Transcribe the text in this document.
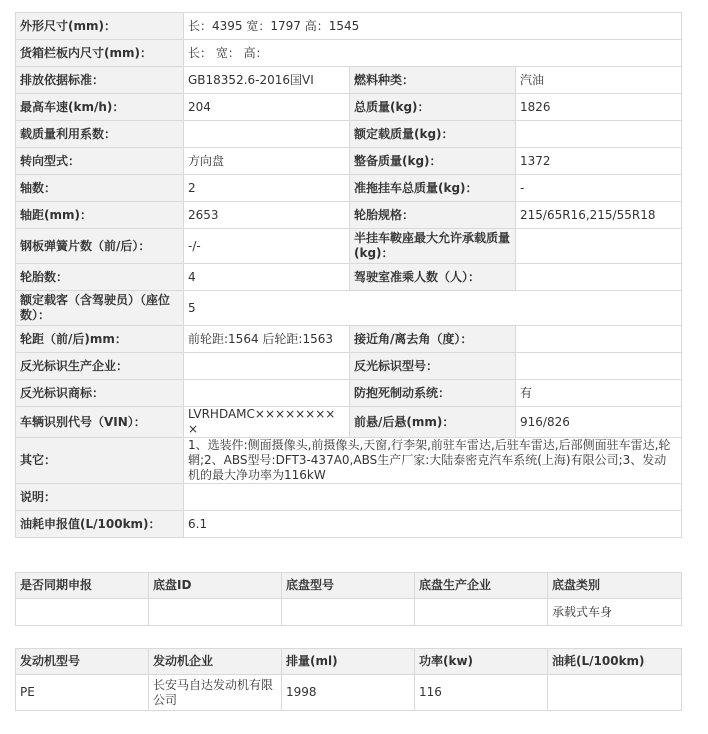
外形尺寸(mm)：	长：4395 宽：1797 高：1545		
货箱栏板内尺寸(mm)：	长： 宽： 高：		
排放依据标准：	GB18352.6-2016国VI	燃料种类：	汽油
最高车速(km/h)：	204	总质量(kg)：	1826
载质量利用系数：		额定载质量(kg)：	
转向型式：	方向盘	整备质量(kg)：	1372
轴数：	2	准拖挂车总质量(kg)：	-
轴距(mm)：	2653	轮胎规格：	215/65R16,215/55R18
钢板弹簧片数（前/后）：	-/-	半挂车鞍座最大允许承载质量(kg)：	
轮胎数：	4	驾驶室准乘人数（人）：	
额定载客（含驾驶员）（座位数）：	5		
轮距（前/后)mm：	前轮距:1564 后轮距:1563	接近角/离去角（度）：	
反光标识生产企业：		反光标识型号：	
反光标识商标：		防抱死制动系统：	有
车辆识别代号（VIN）：	LVRHDAMC×××××××××	前悬/后悬(mm)：	916/826
其它：	1、选装件:侧面摄像头,前摄像头,天窗,行李架,前驻车雷达,后驻车雷达,后部侧面驻车雷达,轮辋;2、ABS型号:DFT3-437A0,ABS生产厂家:大陆泰密克汽车系统(上海)有限公司;3、发动机的最大净功率为116kW		
说明：			
油耗申报值(L/100km)：	6.1		
是否同期申报	底盘ID	底盘型号	底盘生产企业	底盘类别
				承载式车身
发动机型号	发动机企业	排量(ml)	功率(kw)	油耗(L/100km)
PE	长安马自达发动机有限公司	1998	116	
